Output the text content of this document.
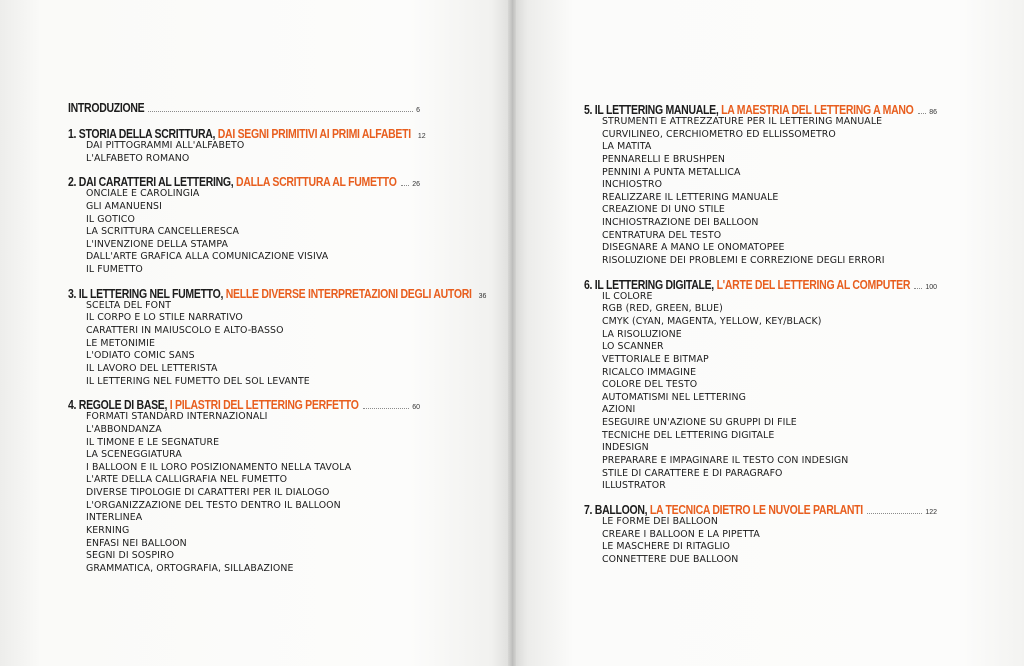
INTRODUZIONE	6
1. STORIA DELLA SCRITTURA, DAI SEGNI PRIMITIVI AI PRIMI ALFABETI 12
DAI PITTOGRAMMI ALL'ALFABETO
L'ALFABETO ROMANO
2. DAI CARATTERI AL LETTERING, DALLA SCRITTURA AL FUMETTO 26
ONCIALE E CAROLINGIA
GLI AMANUENSI
IL GOTICO
LA SCRITTURA CANCELLERESCA
L'INVENZIONE DELLA STAMPA
DALL'ARTE GRAFICA ALLA COMUNICAZIONE VISIVA
IL FUMETTO
3. IL LETTERING NEL FUMETTO, NELLE DIVERSE INTERPRETAZIONI DEGLI AUTORI 36
SCELTA DEL FONT
IL CORPO E LO STILE NARRATIVO
CARATTERI IN MAIUSCOLO E ALTO-BASSO
LE METONIMIE
L'ODIATO COMIC SANS
IL LAVORO DEL LETTERISTA
IL LETTERING NEL FUMETTO DEL SOL LEVANTE
4. REGOLE DI BASE, I PILASTRI DEL LETTERING PERFETTO	60
FORMATI STANDARD INTERNAZIONALI
L'ABBONDANZA
IL TIMONE E LE SEGNATURE
LA SCENEGGIATURA
I BALLOON E IL LORO POSIZIONAMENTO NELLA TAVOLA
L'ARTE DELLA CALLIGRAFIA NEL FUMETTO
DIVERSE TIPOLOGIE DI CARATTERI PER IL DIALOGO
L'ORGANIZZAZIONE DEL TESTO DENTRO IL BALLOON
INTERLINEA
KERNING
ENFASI NEI BALLOON
SEGNI DI SOSPIRO
GRAMMATICA, ORTOGRAFIA, SILLABAZIONE
5. IL LETTERING MANUALE, LA MAESTRIA DEL LETTERING A MANO 86
STRUMENTI E ATTREZZATURE PER IL LETTERING MANUALE
CURVILINEO, CERCHIOMETRO ED ELLISSOMETRO
LA MATITA
PENNARELLI E BRUSHPEN
PENNINI A PUNTA METALLICA
INCHIOSTRO
REALIZZARE IL LETTERING MANUALE
CREAZIONE DI UNO STILE
INCHIOSTRAZIONE DEI BALLOON
CENTRATURA DEL TESTO
DISEGNARE A MANO LE ONOMATOPEE
RISOLUZIONE DEI PROBLEMI E CORREZIONE DEGLI ERRORI
6. IL LETTERING DIGITALE, L'ARTE DEL LETTERING AL COMPUTER 100
IL COLORE
RGB (RED, GREEN, BLUE)
CMYK (CYAN, MAGENTA, YELLOW, KEY/BLACK)
LA RISOLUZIONE
LO SCANNER
VETTORIALE E BITMAP
RICALCO IMMAGINE
COLORE DEL TESTO
AUTOMATISMI NEL LETTERING
AZIONI
ESEGUIRE UN'AZIONE SU GRUPPI DI FILE
TECNICHE DEL LETTERING DIGITALE
INDESIGN
PREPARARE E IMPAGINARE IL TESTO CON INDESIGN
STILE DI CARATTERE E DI PARAGRAFO
ILLUSTRATOR
7. BALLOON, LA TECNICA DIETRO LE NUVOLE PARLANTI	122
LE FORME DEI BALLOON
CREARE I BALLOON E LA PIPETTA
LE MASCHERE DI RITAGLIO
CONNETTERE DUE BALLOON
